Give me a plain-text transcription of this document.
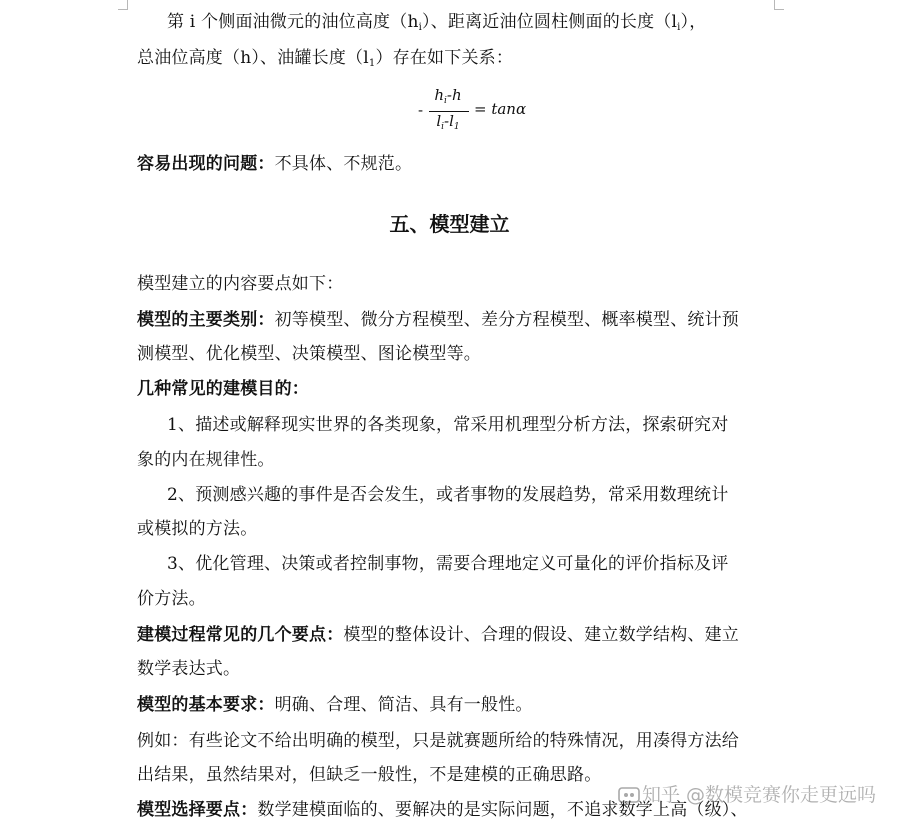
第 i 个侧面油微元的油位高度$(h_i)$、距离近油位圆柱侧面的长度$(l_i)$，
总油位高度（h）、油罐长度$(l_1)$存在如下关系：
-
$h_i-h$
$l_i-l_1$
= tanα
容易出现的问题：不具体、不规范。
五、模型建立
模型建立的内容要点如下：
模型的主要类别：初等模型、微分方程模型、差分方程模型、概率模型、统计预
测模型、优化模型、决策模型、图论模型等。
几种常见的建模目的：
1、描述或解释现实世界的各类现象，常采用机理型分析方法，探索研究对
象的内在规律性。
2、预测感兴趣的事件是否会发生，或者事物的发展趋势，常采用数理统计
或模拟的方法。
3、优化管理、决策或者控制事物，需要合理地定义可量化的评价指标及评
价方法。
建模过程常见的几个要点：模型的整体设计、合理的假设、建立数学结构、建立
数学表达式。
模型的基本要求：明确、合理、简洁、具有一般性。
例如：有些论文不给出明确的模型，只是就赛题所给的特殊情况，用凑得方法给
出结果，虽然结果对，但缺乏一般性，不是建模的正确思路。
模型选择要点：数学建模面临的、要解决的是实际问题，不追求数学上高（级）、
知乎 @数模竞赛你走更远吗
